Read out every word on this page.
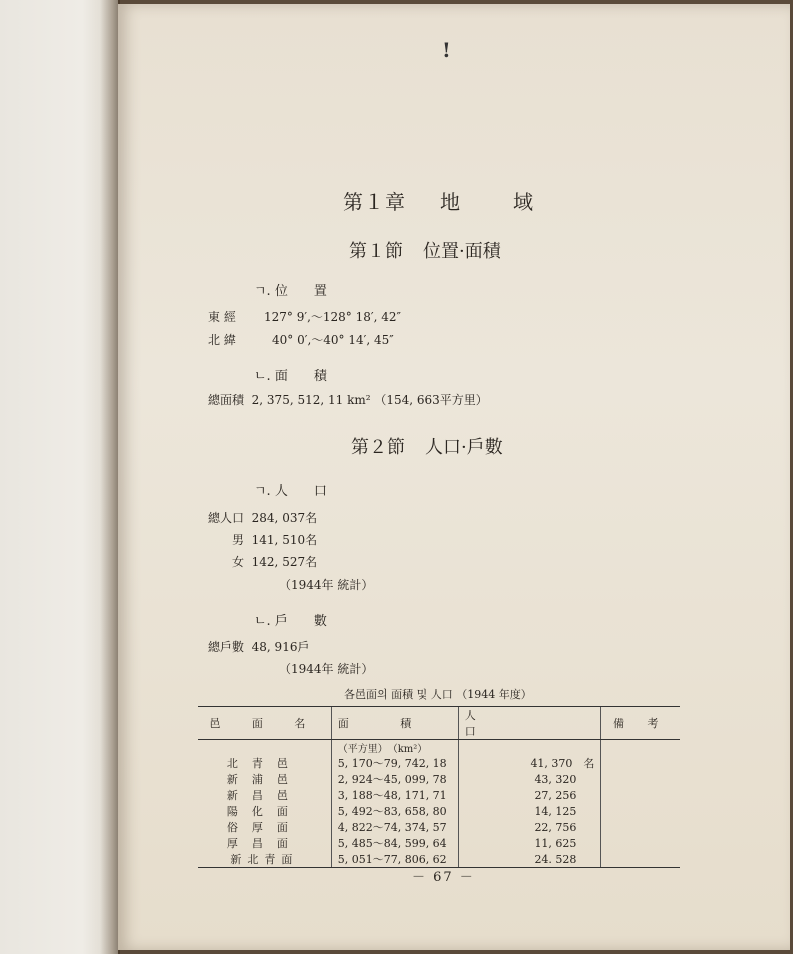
!
第１章 地	域
第１節 位置·面積
ㄱ. 位 置
東 經 127° 9′,～128° 18′, 42″
北 緯	40° 0′,～40° 14′, 45″
ㄴ. 面 積
總面積 2, 375, 512, 11 km² （154, 663平方里）
第２節 人口·戶數
ㄱ. 人 口
總人口 284, 037名
男 141, 510名
女 142, 527名
（1944年 統計）
ㄴ. 戶 數
總戶數 48, 916戶
（1944年 統計）
各邑面의 面積 및 人口 （1944 年度）
邑 面 名	面 積	人 口	備 考
	（平方里）　（km²）		
北青邑	5, 170～79, 742, 18	41, 370　名	
新浦邑	2, 924～45, 099, 78	43, 320	
新昌邑	3, 188～48, 171, 71	27, 256	
陽化面	5, 492～83, 658, 80	14, 125	
俗厚面	4, 822～74, 374, 57	22, 756	
厚昌面	5, 485～84, 599, 64	11, 625	
新北青面	5, 051～77, 806, 62	24. 528	
－ 67 －
